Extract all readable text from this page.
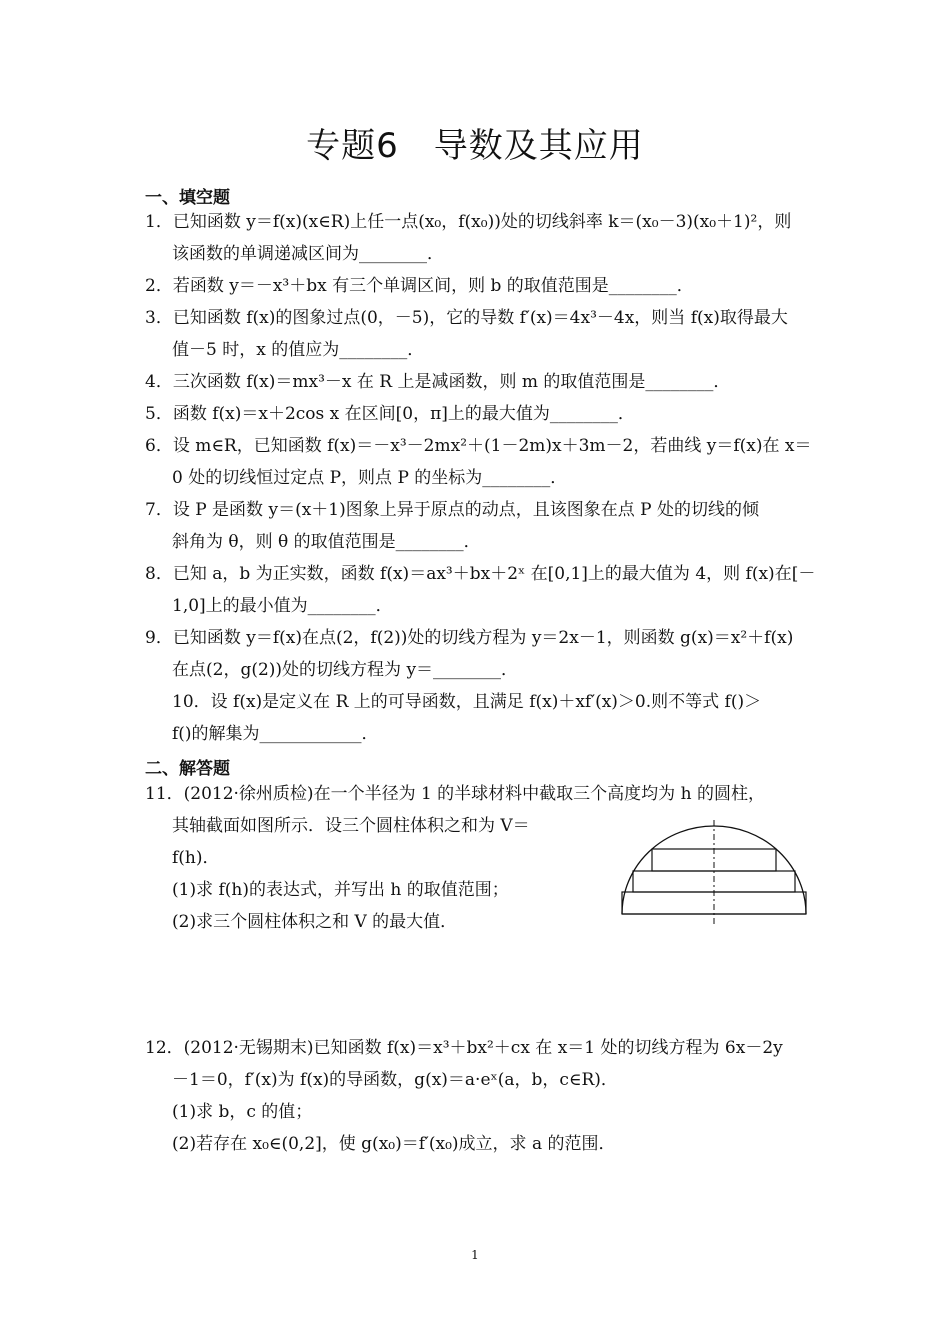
专题6　导数及其应用
一、填空题
1．已知函数 y＝f(x)(x∈R)上任一点(x₀，f(x₀))处的切线斜率 k＝(x₀－3)(x₀＋1)²，则
该函数的单调递减区间为________．
2．若函数 y＝－x³＋bx 有三个单调区间，则 b 的取值范围是________．
3．已知函数 f(x)的图象过点(0，－5)，它的导数 f′(x)＝4x³－4x，则当 f(x)取得最大
值－5 时，x 的值应为________．
4．三次函数 f(x)＝mx³－x 在 R 上是减函数，则 m 的取值范围是________．
5．函数 f(x)＝x＋2cos x 在区间[0，π]上的最大值为________．
6．设 m∈R，已知函数 f(x)＝－x³－2mx²＋(1－2m)x＋3m－2，若曲线 y＝f(x)在 x＝
0 处的切线恒过定点 P，则点 P 的坐标为________．
7．设 P 是函数 y＝(x＋1)图象上异于原点的动点，且该图象在点 P 处的切线的倾
斜角为 θ，则 θ 的取值范围是________．
8．已知 a，b 为正实数，函数 f(x)＝ax³＋bx＋2ˣ 在[0,1]上的最大值为 4，则 f(x)在[－
1,0]上的最小值为________．
9．已知函数 y＝f(x)在点(2，f(2))处的切线方程为 y＝2x－1，则函数 g(x)＝x²＋f(x)
在点(2，g(2))处的切线方程为 y＝________．
10．设 f(x)是定义在 R 上的可导函数，且满足 f(x)＋xf′(x)＞0.则不等式 f()＞
f()的解集为____________．
二、解答题
11．(2012·徐州质检)在一个半径为 1 的半球材料中截取三个高度均为 h 的圆柱，
其轴截面如图所示．设三个圆柱体积之和为 V＝
f(h)．
(1)求 f(h)的表达式，并写出 h 的取值范围；
(2)求三个圆柱体积之和 V 的最大值．
12．(2012·无锡期末)已知函数 f(x)＝x³＋bx²＋cx 在 x＝1 处的切线方程为 6x－2y
－1＝0，f′(x)为 f(x)的导函数，g(x)＝a·eˣ(a，b，c∈R)．
(1)求 b，c 的值；
(2)若存在 x₀∈(0,2]，使 g(x₀)＝f′(x₀)成立，求 a 的范围．
1
